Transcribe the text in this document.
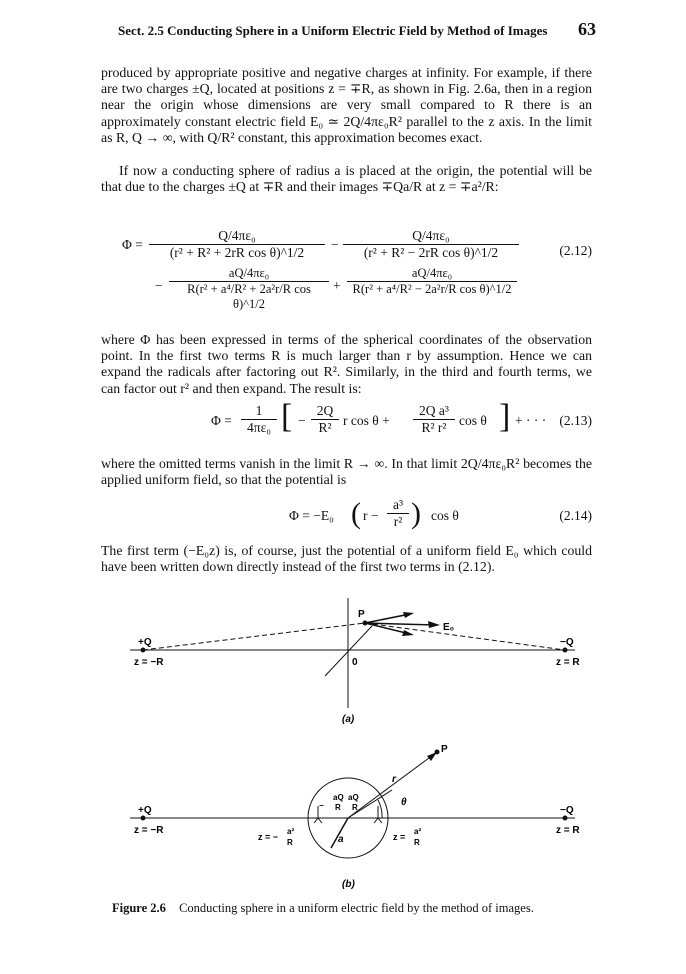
Sect. 2.5 Conducting Sphere in a Uniform Electric Field by Method of Images 63

produced by appropriate positive and negative charges at infinity. For example, if there are two charges ±Q, located at positions z = ∓R, as shown in Fig. 2.6a, then in a region near the origin whose dimensions are very small compared to R there is an approximately constant electric field E₀ ≃ 2Q/4πε₀R² parallel to the z axis. In the limit as R, Q → ∞, with Q/R² constant, this approximation becomes exact.

If now a conducting sphere of radius a is placed at the origin, the potential will be that due to the charges ±Q at ∓R and their images ∓Qa/R at z = ∓a²/R:

$\Phi = \frac{\text{Q/4πε₀}}{\text{(r² + R² + 2rR cos θ)\textasciicircum{}1/2}} - \frac{\text{Q/4πε₀}}{\text{(r² + R² − 2rR cos θ)\textasciicircum{}1/2}}$	(2.12)
− $\frac{\text{aQ/4πε₀}}{\text{R(r² + a⁴/R² + 2a²r/R cos θ)\textasciicircum{}1/2}} + \frac{\text{aQ/4πε₀}}{\text{R(r² + a⁴/R² − 2a²r/R cos θ)\textasciicircum{}1/2}}$

where Φ has been expressed in terms of the spherical coordinates of the observation point. In the first two terms R is much larger than r by assumption. Hence we can expand the radicals after factoring out R². Similarly, in the third and fourth terms, we can factor out r² and then expand. The result is:

$\Phi = \frac{1}{\text{4πε₀}}$ [ − $\frac{2Q}{\text{R²}}$ r $\cos \theta + \frac{\text{2Q a³}}{\text{R² r²}}$ cos θ ] + · · · (2.13)

where the omitted terms vanish in the limit R → ∞. In that limit 2Q/4πε₀R² becomes the applied uniform field, so that the potential is

Φ = −E₀ ( $r - \frac{\text{a³}}{\text{r²}}$ ) cos θ	(2.14)

The first term (−E₀z) is, of course, just the potential of a uniform field E₀ which could have been written down directly instead of the first two terms in (2.12).

P
E₀
+Q
z = −R
−Q
z = R
0
(a)
P
r
θ
+Q
z = −R
−Q
z = R
aQ
− R
aQ
R
z = −
a²
R
z =
a²
R
a
(b)
Figure 2.6 Conducting sphere in a uniform electric field by the method of images.
